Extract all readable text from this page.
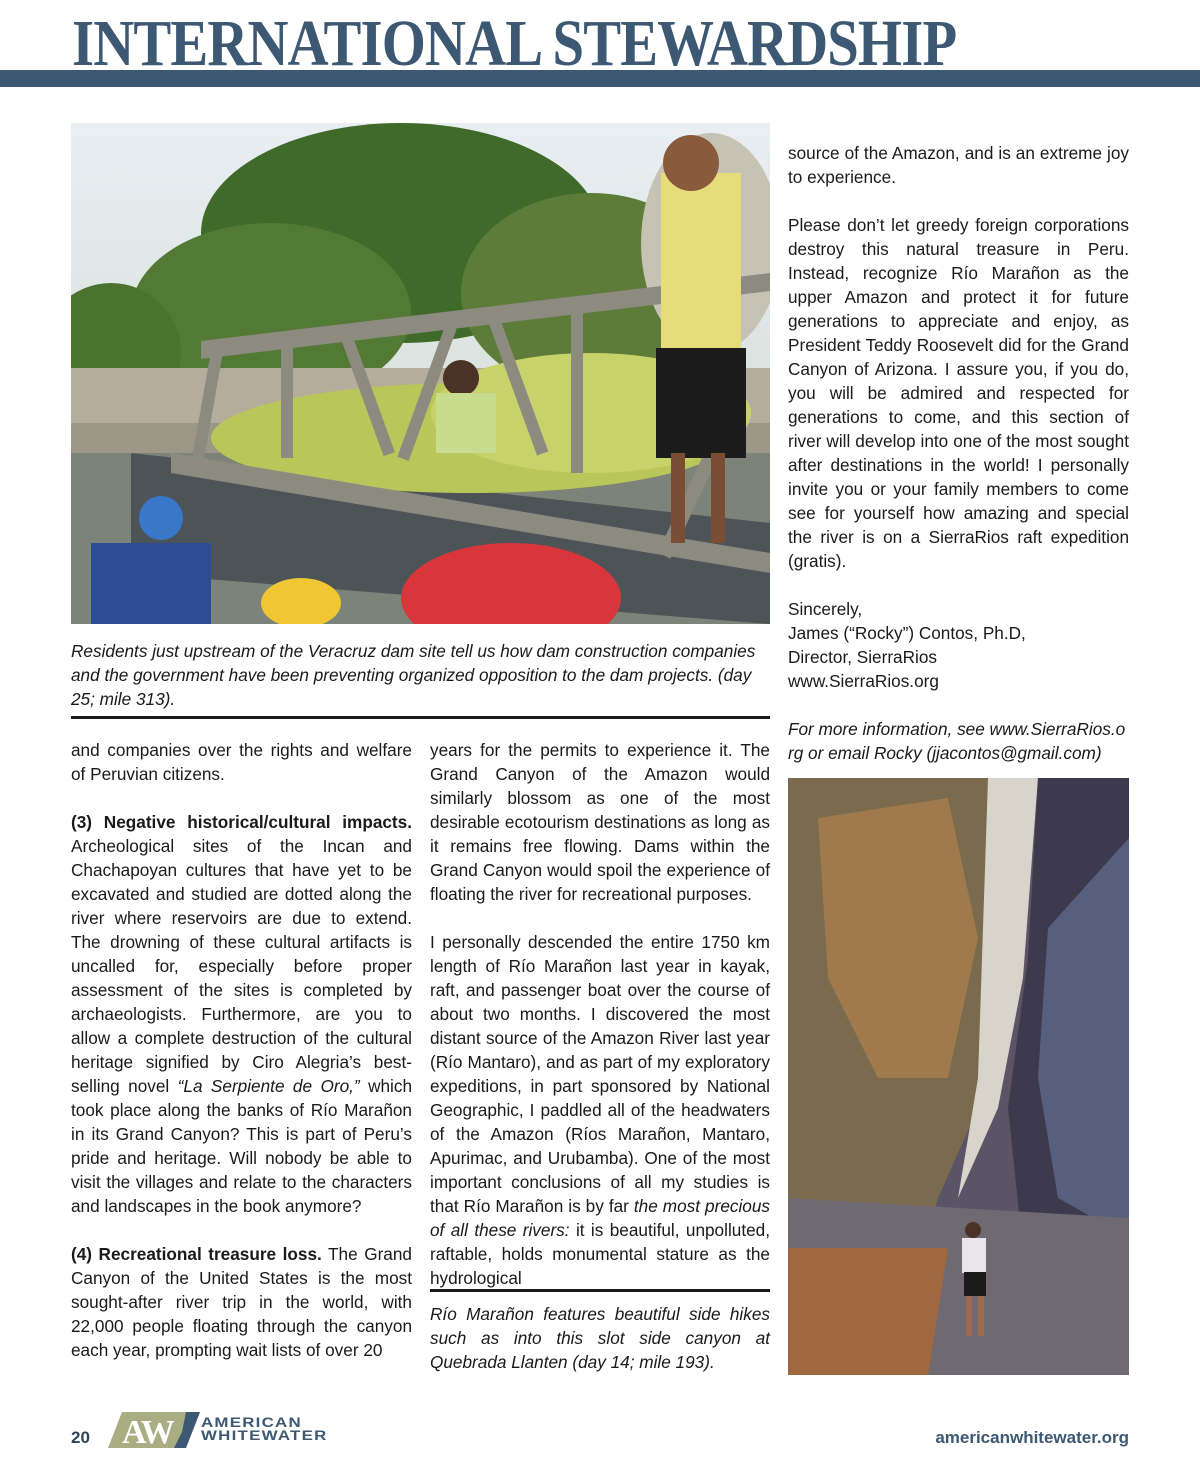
INTERNATIONAL STEWARDSHIP
Residents just upstream of the Veracruz dam site tell us how dam construction companies and the government have been preventing organized opposition to the dam projects. (day 25; mile 313).

and companies over the rights and welfare of Peruvian citizens.

(3) Negative historical/cultural impacts. Archeological sites of the Incan and Chachapoyan cultures that have yet to be excavated and studied are dotted along the river where reservoirs are due to extend. The drowning of these cultural artifacts is uncalled for, especially before proper assessment of the sites is completed by archaeologists. Furthermore, are you to allow a complete destruction of the cultural heritage signified by Ciro Alegria’s best-selling novel “La Serpiente de Oro,” which took place along the banks of Río Marañon in its Grand Canyon? This is part of Peru’s pride and heritage. Will nobody be able to visit the villages and relate to the characters and landscapes in the book anymore?

(4) Recreational treasure loss. The Grand Canyon of the United States is the most sought-after river trip in the world, with 22,000 people floating through the canyon each year, prompting wait lists of over 20

years for the permits to experience it. The Grand Canyon of the Amazon would similarly blossom as one of the most desirable ecotourism destinations as long as it remains free flowing. Dams within the Grand Canyon would spoil the experience of floating the river for recreational purposes.

I personally descended the entire 1750 km length of Río Marañon last year in kayak, raft, and passenger boat over the course of about two months. I discovered the most distant source of the Amazon River last year (Río Mantaro), and as part of my exploratory expeditions, in part sponsored by National Geographic, I paddled all of the headwaters of the Amazon (Ríos Marañon, Mantaro, Apurimac, and Urubamba). One of the most important conclusions of all my studies is that Río Marañon is by far the most precious of all these rivers: it is beautiful, unpolluted, raftable, holds monumental stature as the hydrological

Río Marañon features beautiful side hikes such as into this slot side canyon at Quebrada Llanten (day 14; mile 193).

source of the Amazon, and is an extreme joy to experience.

Please don’t let greedy foreign corporations destroy this natural treasure in Peru. Instead, recognize Río Marañon as the upper Amazon and protect it for future generations to appreciate and enjoy, as President Teddy Roosevelt did for the Grand Canyon of Arizona. I assure you, if you do, you will be admired and respected for generations to come, and this section of river will develop into one of the most sought after destinations in the world! I personally invite you or your family members to come see for yourself how amazing and special the river is on a SierraRios raft expedition (gratis).

Sincerely,
James (“Rocky”) Contos, Ph.D,
Director, SierraRios
www.SierraRios.org

For more information, see www.SierraRios.org or email Rocky (jjacontos@gmail.com)

20 AW AMERICAN
WHITEWATER	americanwhitewater.org
